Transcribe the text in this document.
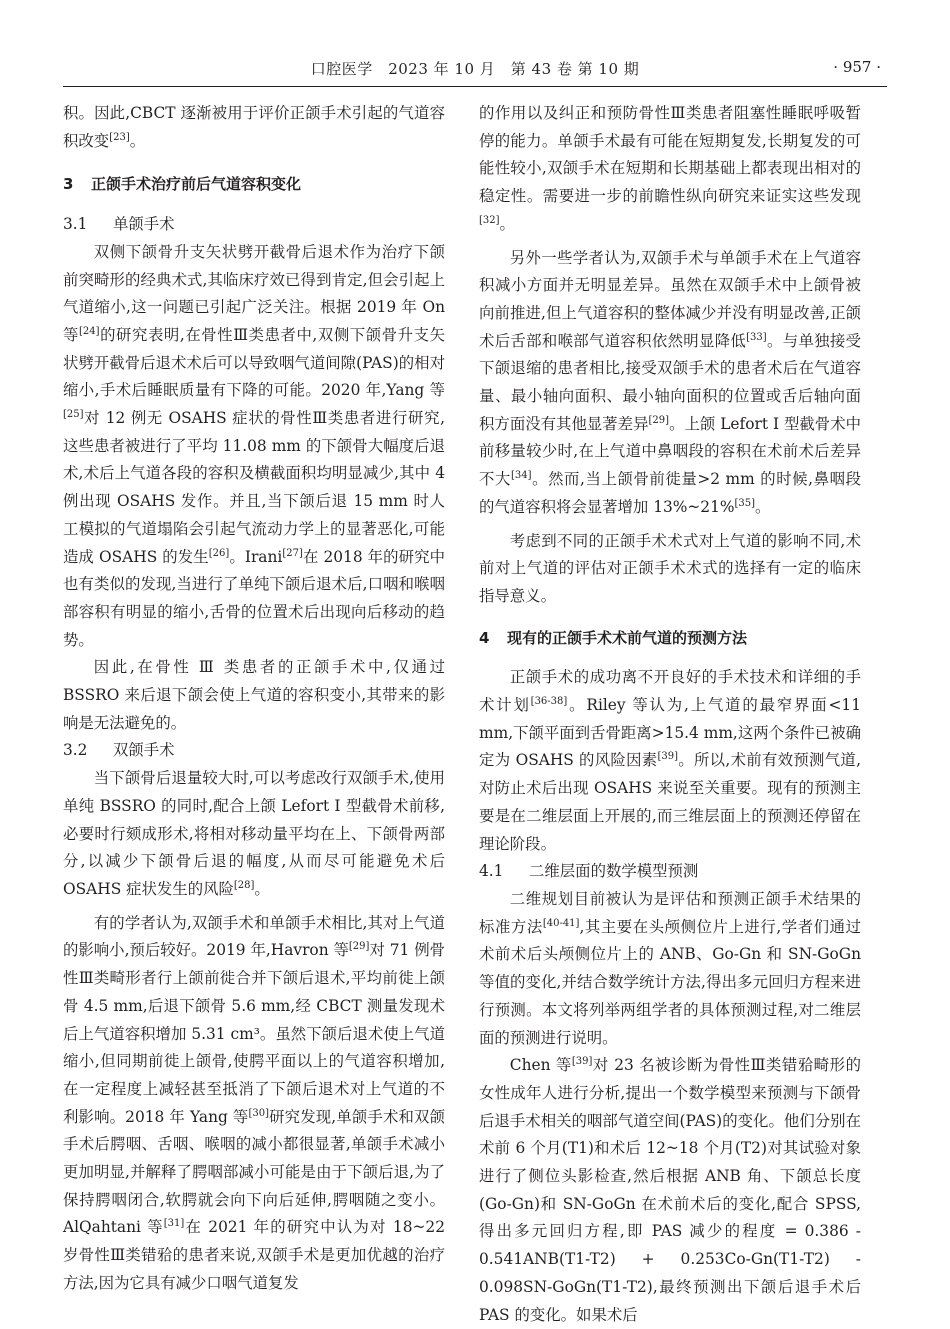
口腔医学　2023 年 10 月　第 43 卷 第 10 期	· 957 ·

积。因此,CBCT 逐渐被用于评价正颌手术引起的气道容积改变[23]。

3 正颌手术治疗前后气道容积变化
3.1 单颌手术

双侧下颌骨升支矢状劈开截骨后退术作为治疗下颌前突畸形的经典术式,其临床疗效已得到肯定,但会引起上气道缩小,这一问题已引起广泛关注。根据 2019 年 On 等[24]的研究表明,在骨性Ⅲ类患者中,双侧下颌骨升支矢状劈开截骨后退术术后可以导致咽气道间隙(PAS)的相对缩小,手术后睡眠质量有下降的可能。2020 年,Yang 等[25]对 12 例无 OSAHS 症状的骨性Ⅲ类患者进行研究,这些患者被进行了平均 11.08 mm 的下颌骨大幅度后退术,术后上气道各段的容积及横截面积均明显减少,其中 4 例出现 OSAHS 发作。并且,当下颌后退 15 mm 时人工模拟的气道塌陷会引起气流动力学上的显著恶化,可能造成 OSAHS 的发生[26]。Irani[27]在 2018 年的研究中也有类似的发现,当进行了单纯下颌后退术后,口咽和喉咽部容积有明显的缩小,舌骨的位置术后出现向后移动的趋势。

因此,在骨性 Ⅲ 类患者的正颌手术中,仅通过 BSSRO 来后退下颌会使上气道的容积变小,其带来的影响是无法避免的。

3.2 双颌手术

当下颌骨后退量较大时,可以考虑改行双颌手术,使用单纯 BSSRO 的同时,配合上颌 Lefort Ⅰ 型截骨术前移,必要时行颏成形术,将相对移动量平均在上、下颌骨两部分,以减少下颌骨后退的幅度,从而尽可能避免术后 OSAHS 症状发生的风险[28]。

有的学者认为,双颌手术和单颌手术相比,其对上气道的影响小,预后较好。2019 年,Havron 等[29]对 71 例骨性Ⅲ类畸形者行上颌前徙合并下颌后退术,平均前徙上颌骨 4.5 mm,后退下颌骨 5.6 mm,经 CBCT 测量发现术后上气道容积增加 5.31 cm³。虽然下颌后退术使上气道缩小,但同期前徙上颌骨,使腭平面以上的气道容积增加,在一定程度上减轻甚至抵消了下颌后退术对上气道的不利影响。2018 年 Yang 等[30]研究发现,单颌手术和双颌手术后腭咽、舌咽、喉咽的减小都很显著,单颌手术减小更加明显,并解释了腭咽部减小可能是由于下颌后退,为了保持腭咽闭合,软腭就会向下向后延伸,腭咽随之变小。AlQahtani 等[31]在 2021 年的研究中认为对 18~22 岁骨性Ⅲ类错𬌗的患者来说,双颌手术是更加优越的治疗方法,因为它具有减少口咽气道复发

的作用以及纠正和预防骨性Ⅲ类患者阻塞性睡眠呼吸暂停的能力。单颌手术最有可能在短期复发,长期复发的可能性较小,双颌手术在短期和长期基础上都表现出相对的稳定性。需要进一步的前瞻性纵向研究来证实这些发现[32]。

另外一些学者认为,双颌手术与单颌手术在上气道容积减小方面并无明显差异。虽然在双颌手术中上颌骨被向前推进,但上气道容积的整体减少并没有明显改善,正颌术后舌部和喉部气道容积依然明显降低[33]。与单独接受下颌退缩的患者相比,接受双颌手术的患者术后在气道容量、最小轴向面积、最小轴向面积的位置或舌后轴向面积方面没有其他显著差异[29]。上颌 Lefort Ⅰ 型截骨术中前移量较少时,在上气道中鼻咽段的容积在术前术后差异不大[34]。然而,当上颌骨前徙量>2 mm 的时候,鼻咽段的气道容积将会显著增加 13%~21%[35]。

考虑到不同的正颌手术术式对上气道的影响不同,术前对上气道的评估对正颌手术术式的选择有一定的临床指导意义。

4 现有的正颌手术术前气道的预测方法

正颌手术的成功离不开良好的手术技术和详细的手术计划[36-38]。Riley 等认为,上气道的最窄界面<11 mm,下颌平面到舌骨距离>15.4 mm,这两个条件已被确定为 OSAHS 的风险因素[39]。所以,术前有效预测气道,对防止术后出现 OSAHS 来说至关重要。现有的预测主要是在二维层面上开展的,而三维层面上的预测还停留在理论阶段。

4.1 二维层面的数学模型预测

二维规划目前被认为是评估和预测正颌手术结果的标准方法[40-41],其主要在头颅侧位片上进行,学者们通过术前术后头颅侧位片上的 ANB、Go-Gn 和 SN-GoGn 等值的变化,并结合数学统计方法,得出多元回归方程来进行预测。本文将列举两组学者的具体预测过程,对二维层面的预测进行说明。

Chen 等[39]对 23 名被诊断为骨性Ⅲ类错𬌗畸形的女性成年人进行分析,提出一个数学模型来预测与下颌骨后退手术相关的咽部气道空间(PAS)的变化。他们分别在术前 6 个月(T1)和术后 12~18 个月(T2)对其试验对象进行了侧位头影检查,然后根据 ANB 角、下颌总长度(Go-Gn)和 SN-GoGn 在术前术后的变化,配合 SPSS,得出多元回归方程,即 PAS 减少的程度 = 0.386 - 0.541ANB(T1-T2) + 0.253Co-Gn(T1-T2) - 0.098SN-GoGn(T1-T2),最终预测出下颌后退手术后 PAS 的变化。如果术后
